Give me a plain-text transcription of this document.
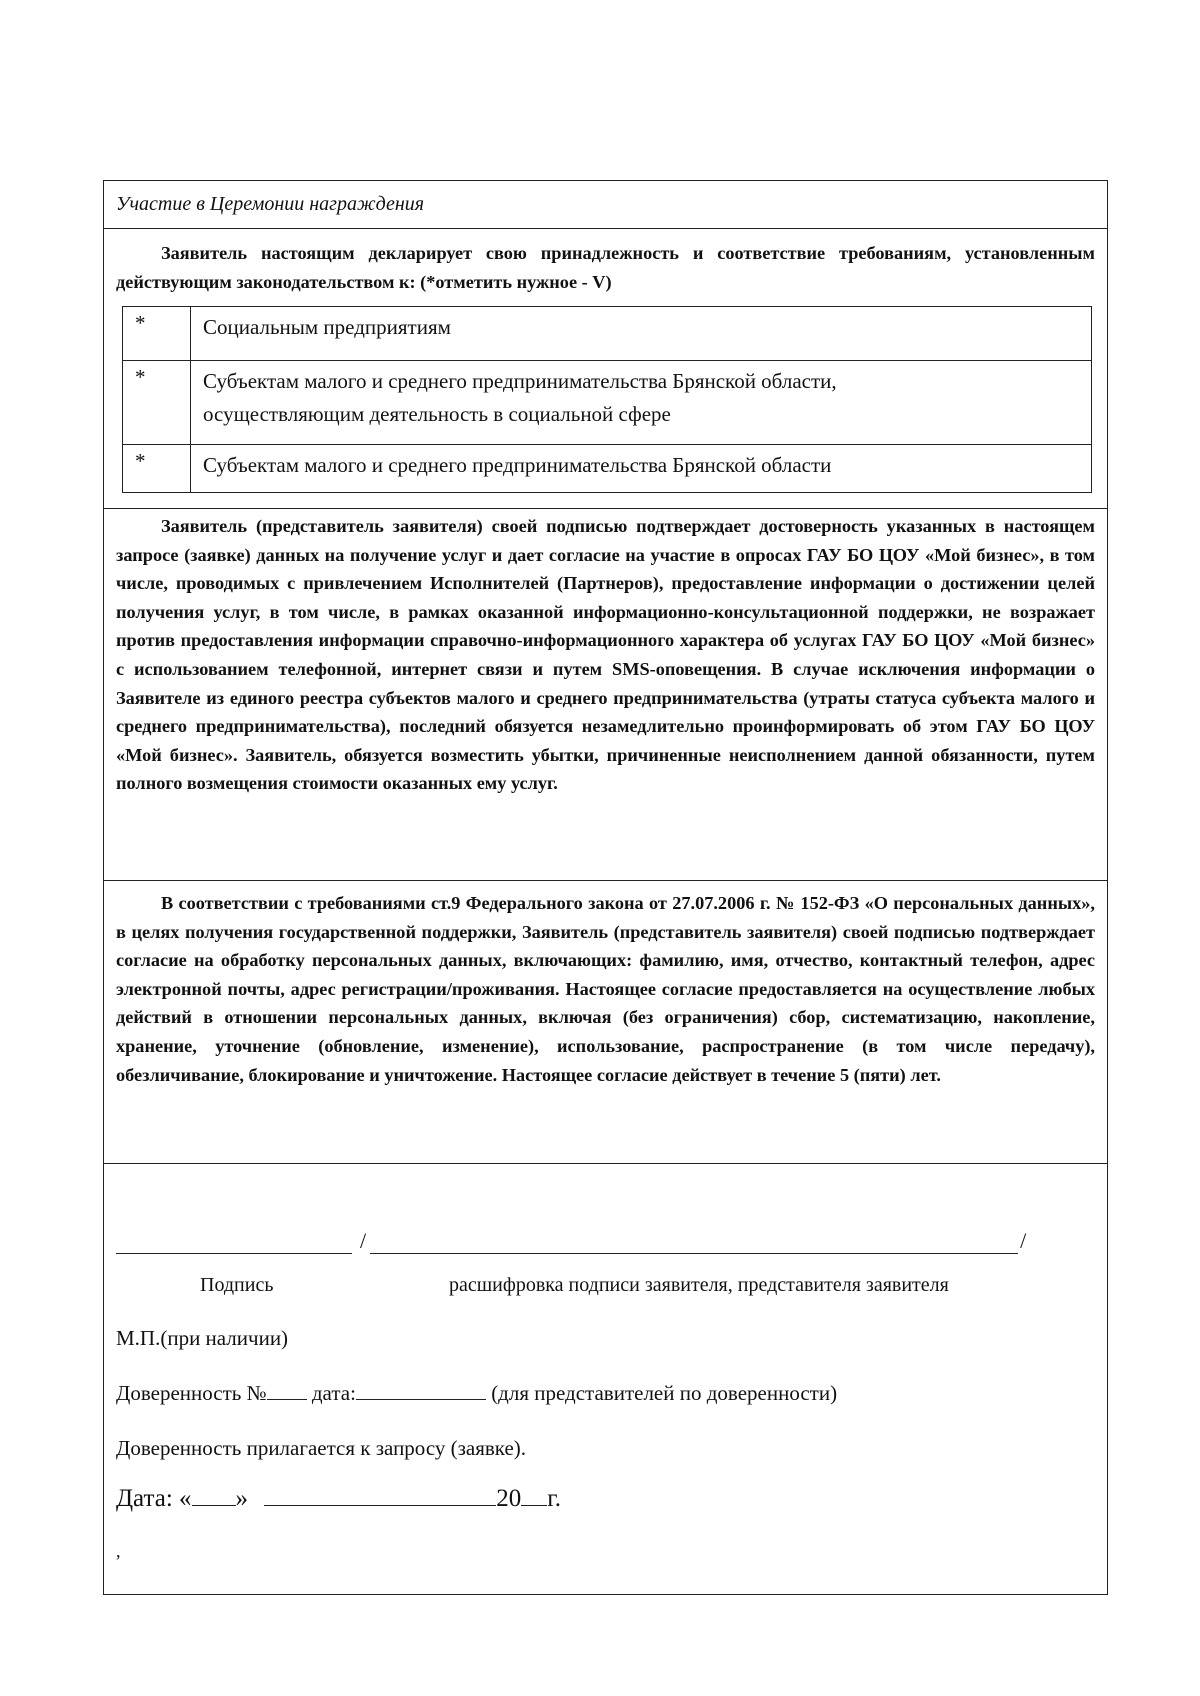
Участие в Церемонии награждения
Заявитель настоящим декларирует свою принадлежность и соответствие требованиям, установленным действующим законодательством к: (*отметить нужное - V)
*	Социальным предприятиям

*	Субъектам малого и среднего предпринимательства Брянской области,
осуществляющим деятельность в социальной сфере

*	Субъектам малого и среднего предпринимательства Брянской области
Заявитель (представитель заявителя) своей подписью подтверждает достоверность указанных в настоящем запросе (заявке) данных на получение услуг и дает согласие на участие в опросах ГАУ БО ЦОУ «Мой бизнес», в том числе, проводимых с привлечением Исполнителей (Партнеров), предоставление информации о достижении целей получения услуг, в том числе, в рамках оказанной информационно-консультационной поддержки, не возражает против предоставления информации справочно-информационного характера об услугах ГАУ БО ЦОУ «Мой бизнес» с использованием телефонной, интернет связи и путем SMS-оповещения. В случае исключения информации о Заявителе из единого реестра субъектов малого и среднего предпринимательства (утраты статуса субъекта малого и среднего предпринимательства), последний обязуется незамедлительно проинформировать об этом ГАУ БО ЦОУ «Мой бизнес». Заявитель, обязуется возместить убытки, причиненные неисполнением данной обязанности, путем полного возмещения стоимости оказанных ему услуг.
В соответствии с требованиями ст.9 Федерального закона от 27.07.2006 г. № 152-ФЗ «О персональных данных», в целях получения государственной поддержки, Заявитель (представитель заявителя) своей подписью подтверждает согласие на обработку персональных данных, включающих: фамилию, имя, отчество, контактный телефон, адрес электронной почты, адрес регистрации/проживания. Настоящее согласие предоставляется на осуществление любых действий в отношении персональных данных, включая (без ограничения) сбор, систематизацию, накопление, хранение, уточнение (обновление, изменение), использование, распространение (в том числе передачу), обезличивание, блокирование и уничтожение. Настоящее согласие действует в течение 5 (пяти) лет.
/	/
Подпись	расшифровка подписи заявителя, представителя заявителя
М.П.(при наличии)
Доверенность № дата:	(для представителей по доверенности)
Доверенность прилагается к запросу (заявке).
Дата: « »	20 г.
,
